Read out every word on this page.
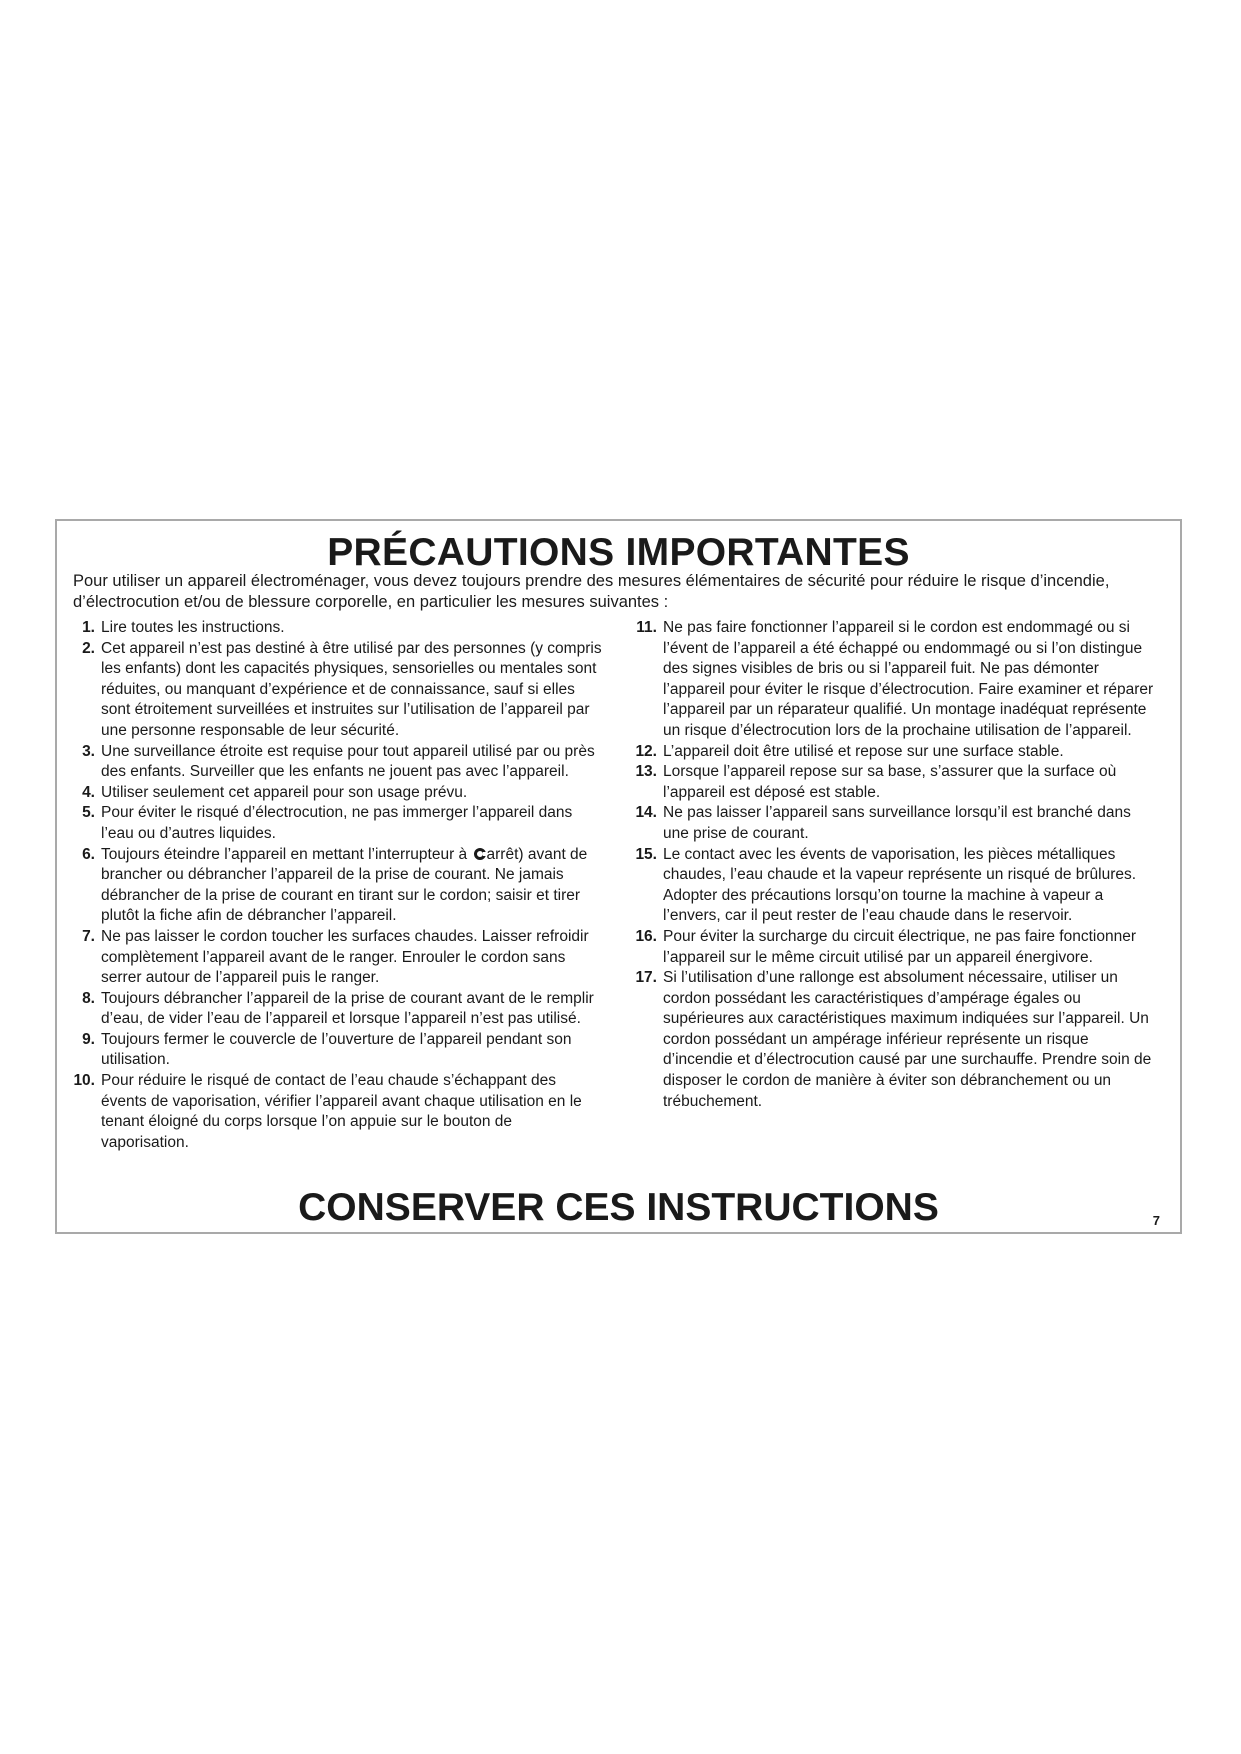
PRÉCAUTIONS IMPORTANTES

Pour utiliser un appareil électroménager, vous devez toujours prendre des mesures élémentaires de sécurité pour réduire le risque d’incendie, d’électrocution et/ou de blessure corporelle, en particulier les mesures suivantes :

1. Lire toutes les instructions.
2. Cet appareil n’est pas destiné à être utilisé par des personnes (y compris les enfants) dont les capacités physiques, sensorielles ou mentales sont réduites, ou manquant d’expérience et de connaissance, sauf si elles sont étroitement surveillées et instruites sur l’utilisation de l’appareil par une personne responsable de leur sécurité.
3. Une surveillance étroite est requise pour tout appareil utilisé par ou près des enfants. Surveiller que les enfants ne jouent pas avec l’appareil.
4. Utiliser seulement cet appareil pour son usage prévu.
5. Pour éviter le risqué d’électrocution, ne pas immerger l’appareil dans l’eau ou d’autres liquides.
6. Toujours éteindre l’appareil en mettant l’interrupteur à arrêt) avant de brancher ou débrancher l’appareil de la prise de courant. Ne jamais débrancher de la prise de courant en tirant sur le cordon; saisir et tirer plutôt la fiche afin de débrancher l’appareil.
7. Ne pas laisser le cordon toucher les surfaces chaudes. Laisser refroidir complètement l’appareil avant de le ranger. Enrouler le cordon sans serrer autour de l’appareil puis le ranger.
8. Toujours débrancher l’appareil de la prise de courant avant de le remplir d’eau, de vider l’eau de l’appareil et lorsque l’appareil n’est pas utilisé.
9. Toujours fermer le couvercle de l’ouverture de l’appareil pendant son utilisation.
10. Pour réduire le risqué de contact de l’eau chaude s’échappant des évents de vaporisation, vérifier l’appareil avant chaque utilisation en le tenant éloigné du corps lorsque l’on appuie sur le bouton de vaporisation.
11. Ne pas faire fonctionner l’appareil si le cordon est endommagé ou si l’évent de l’appareil a été échappé ou endommagé ou si l’on distingue des signes visibles de bris ou si l’appareil fuit. Ne pas démonter l’appareil pour éviter le risque d’électrocution. Faire examiner et réparer l’appareil par un réparateur qualifié. Un montage inadéquat représente un risque d’électrocution lors de la prochaine utilisation de l’appareil.
12. L’appareil doit être utilisé et repose sur une surface stable.
13. Lorsque l’appareil repose sur sa base, s’assurer que la surface où l’appareil est déposé est stable.
14. Ne pas laisser l’appareil sans surveillance lorsqu’il est branché dans une prise de courant.
15. Le contact avec les évents de vaporisation, les pièces métalliques chaudes, l’eau chaude et la vapeur représente un risqué de brûlures. Adopter des précautions lorsqu’on tourne la machine à vapeur a l’envers, car il peut rester de l’eau chaude dans le reservoir.
16. Pour éviter la surcharge du circuit électrique, ne pas faire fonctionner l’appareil sur le même circuit utilisé par un appareil énergivore.
17. Si l’utilisation d’une rallonge est absolument nécessaire, utiliser un cordon possédant les caractéristiques d’ampérage égales ou supérieures aux caractéristiques maximum indiquées sur l’appareil. Un cordon possédant un ampérage inférieur représente un risque d’incendie et d’électrocution causé par une surchauffe. Prendre soin de disposer le cordon de manière à éviter son débranchement ou un trébuchement.
CONSERVER CES INSTRUCTIONS	7
